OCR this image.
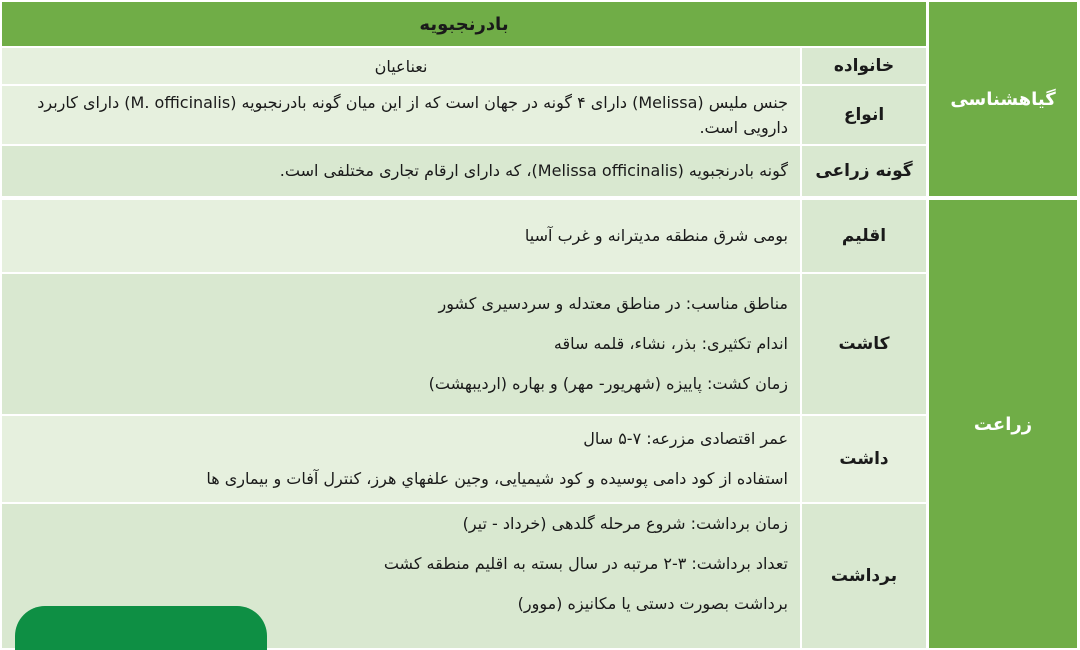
گیاهشناسی
زراعت
بادرنجبویه
خانواده
نعناعیان
انواع
جنس ملیس (Melissa) دارای ۴ گونه در جهان است که از این میان گونه بادرنجبویه (M. officinalis) دارای کاربرد دارویی است.
گونه زراعی
گونه بادرنجبویه (Melissa officinalis)، که دارای ارقام تجاری مختلفی است.
اقلیم
بومی شرق منطقه مدیترانه و غرب آسیا
کاشت
مناطق مناسب: در مناطق معتدله و سردسیری کشور
اندام تکثیری: بذر، نشاء، قلمه ساقه
زمان کشت: پاییزه (شهریور- مهر) و بهاره (اردیبهشت)
داشت
عمر اقتصادی مزرعه: ۷-۵ سال
استفاده از کود دامی پوسیده و کود شیمیایی، وجین علفهاي هرز، کنترل آفات و بیماری ها
برداشت
زمان برداشت: شروع مرحله گلدهی (خرداد - تیر)
تعداد برداشت: ۳-۲ مرتبه در سال بسته به اقلیم منطقه کشت
برداشت بصورت دستی یا مکانیزه (موور)
